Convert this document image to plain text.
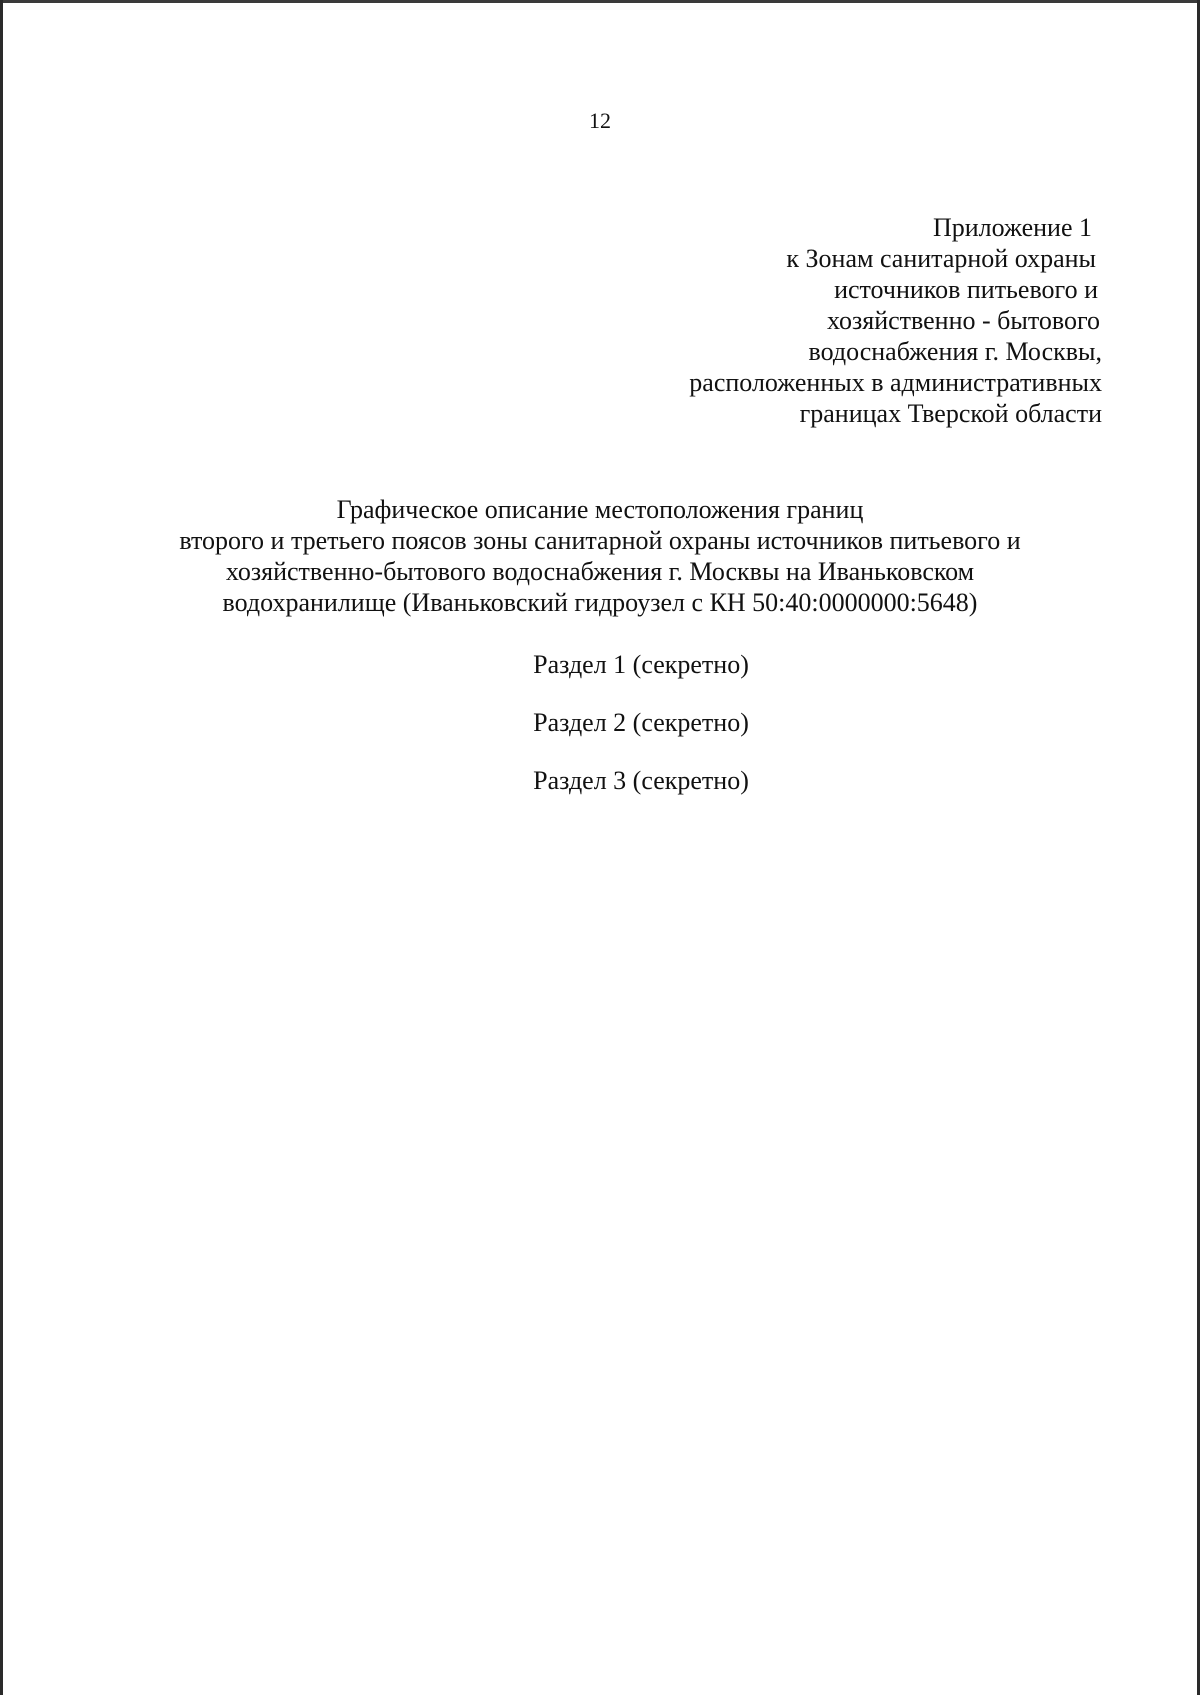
12
Приложение 1
к Зонам санитарной охраны
источников питьевого и
хозяйственно - бытового
водоснабжения г. Москвы,
расположенных в административных
границах Тверской области
Графическое описание местоположения границ
второго и третьего поясов зоны санитарной охраны источников питьевого и
хозяйственно-бытового водоснабжения г. Москвы на Иваньковском
водохранилище (Иваньковский гидроузел с КН 50:40:0000000:5648)
Раздел 1 (секретно)
Раздел 2 (секретно)
Раздел 3 (секретно)
